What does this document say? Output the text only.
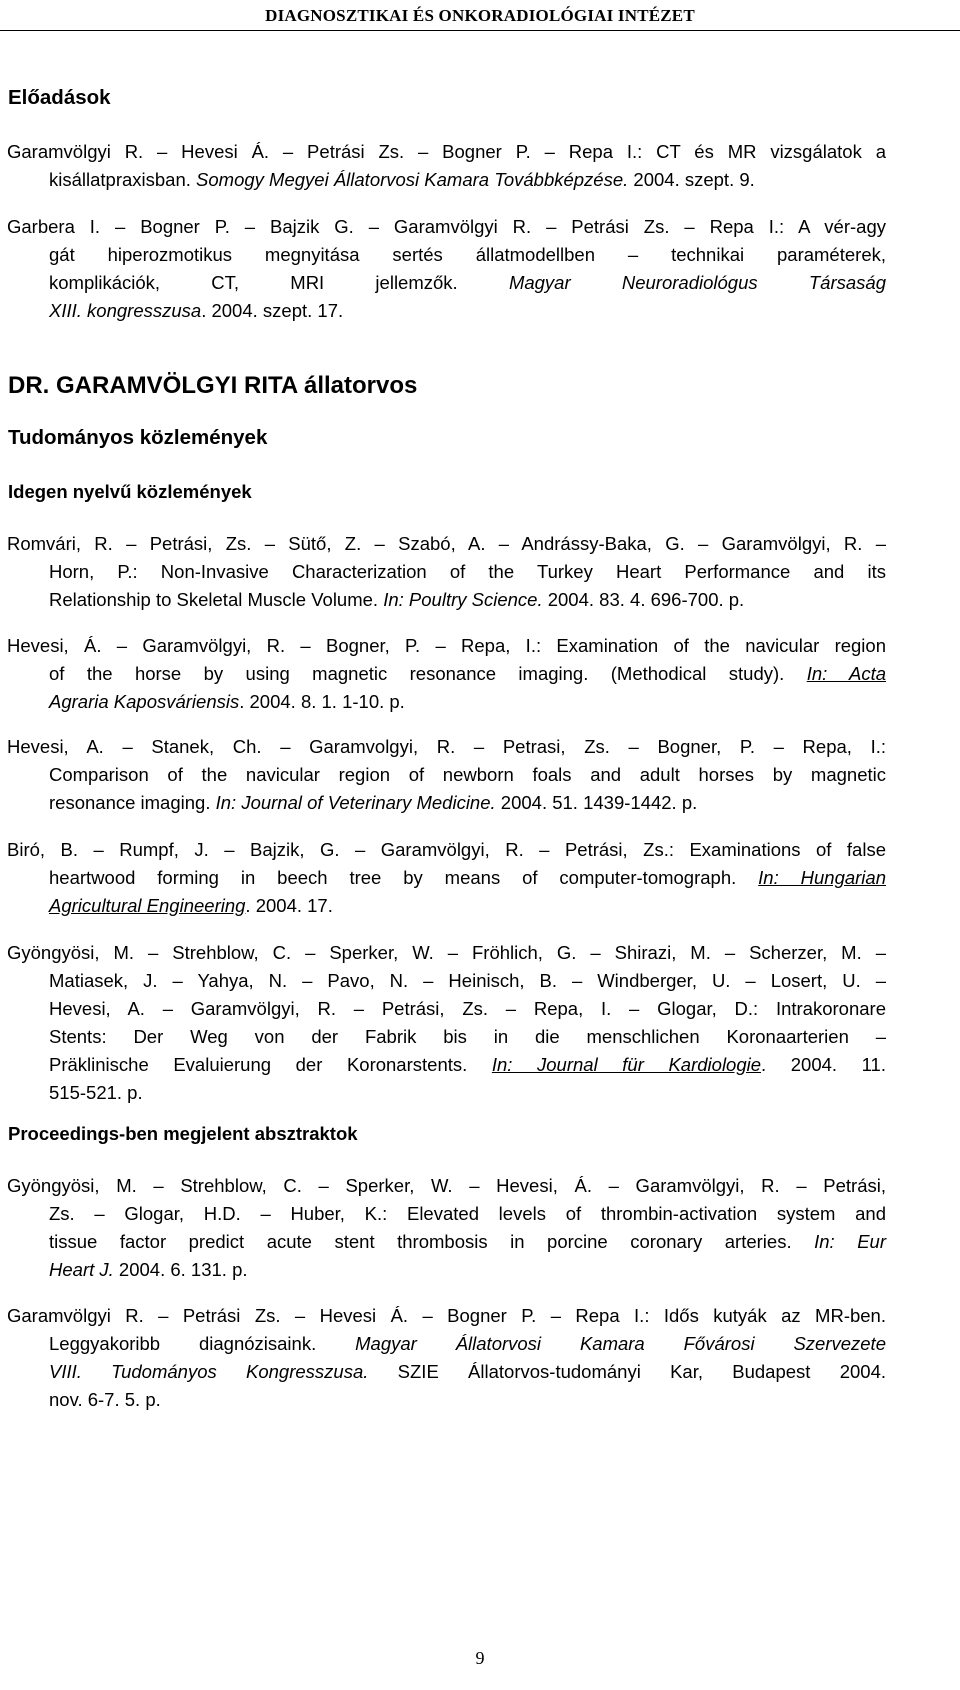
DIAGNOSZTIKAI ÉS ONKORADIOLÓGIAI INTÉZET
Előadások
Garamvölgyi R. – Hevesi Á. – Petrási Zs. – Bogner P. – Repa I.: CT és MR vizsgálatok a
kisállatpraxisban. Somogy Megyei Állatorvosi Kamara Továbbképzése. 2004. szept. 9.
Garbera I. – Bogner P. – Bajzik G. – Garamvölgyi R. – Petrási Zs. – Repa I.: A vér-agy
gát hiperozmotikus megnyitása sertés állatmodellben – technikai paraméterek,
komplikációk, CT, MRI jellemzők. Magyar Neuroradiológus Társaság
XIII. kongresszusa. 2004. szept. 17.
DR. GARAMVÖLGYI RITA állatorvos
Tudományos közlemények
Idegen nyelvű közlemények
Romvári, R. – Petrási, Zs. – Sütő, Z. – Szabó, A. – Andrássy-Baka, G. – Garamvölgyi, R. –
Horn, P.: Non-Invasive Characterization of the Turkey Heart Performance and its
Relationship to Skeletal Muscle Volume. In: Poultry Science. 2004. 83. 4. 696-700. p.
Hevesi, Á. – Garamvölgyi, R. – Bogner, P. – Repa, I.: Examination of the navicular region
of the horse by using magnetic resonance imaging. (Methodical study). In: Acta
Agraria Kaposváriensis. 2004. 8. 1. 1-10. p.
Hevesi, A. – Stanek, Ch. – Garamvolgyi, R. – Petrasi, Zs. – Bogner, P. – Repa, I.:
Comparison of the navicular region of newborn foals and adult horses by magnetic
resonance imaging. In: Journal of Veterinary Medicine. 2004. 51. 1439-1442. p.
Biró, B. – Rumpf, J. – Bajzik, G. – Garamvölgyi, R. – Petrási, Zs.: Examinations of false
heartwood forming in beech tree by means of computer-tomograph. In: Hungarian
Agricultural Engineering. 2004. 17.
Gyöngyösi, M. – Strehblow, C. – Sperker, W. – Fröhlich, G. – Shirazi, M. – Scherzer, M. –
Matiasek, J. – Yahya, N. – Pavo, N. – Heinisch, B. – Windberger, U. – Losert, U. –
Hevesi, A. – Garamvölgyi, R. – Petrási, Zs. – Repa, I. – Glogar, D.: Intrakoronare
Stents: Der Weg von der Fabrik bis in die menschlichen Koronaarterien –
Präklinische Evaluierung der Koronarstents. In: Journal für Kardiologie. 2004. 11.
515-521. p.
Proceedings-ben megjelent absztraktok
Gyöngyösi, M. – Strehblow, C. – Sperker, W. – Hevesi, Á. – Garamvölgyi, R. – Petrási,
Zs. – Glogar, H.D. – Huber, K.: Elevated levels of thrombin-activation system and
tissue factor predict acute stent thrombosis in porcine coronary arteries. In: Eur
Heart J. 2004. 6. 131. p.
Garamvölgyi R. – Petrási Zs. – Hevesi Á. – Bogner P. – Repa I.: Idős kutyák az MR-ben.
Leggyakoribb diagnózisaink. Magyar Állatorvosi Kamara Fővárosi Szervezete
VIII. Tudományos Kongresszusa. SZIE Állatorvos-tudományi Kar, Budapest 2004.
nov. 6-7. 5. p.
9
